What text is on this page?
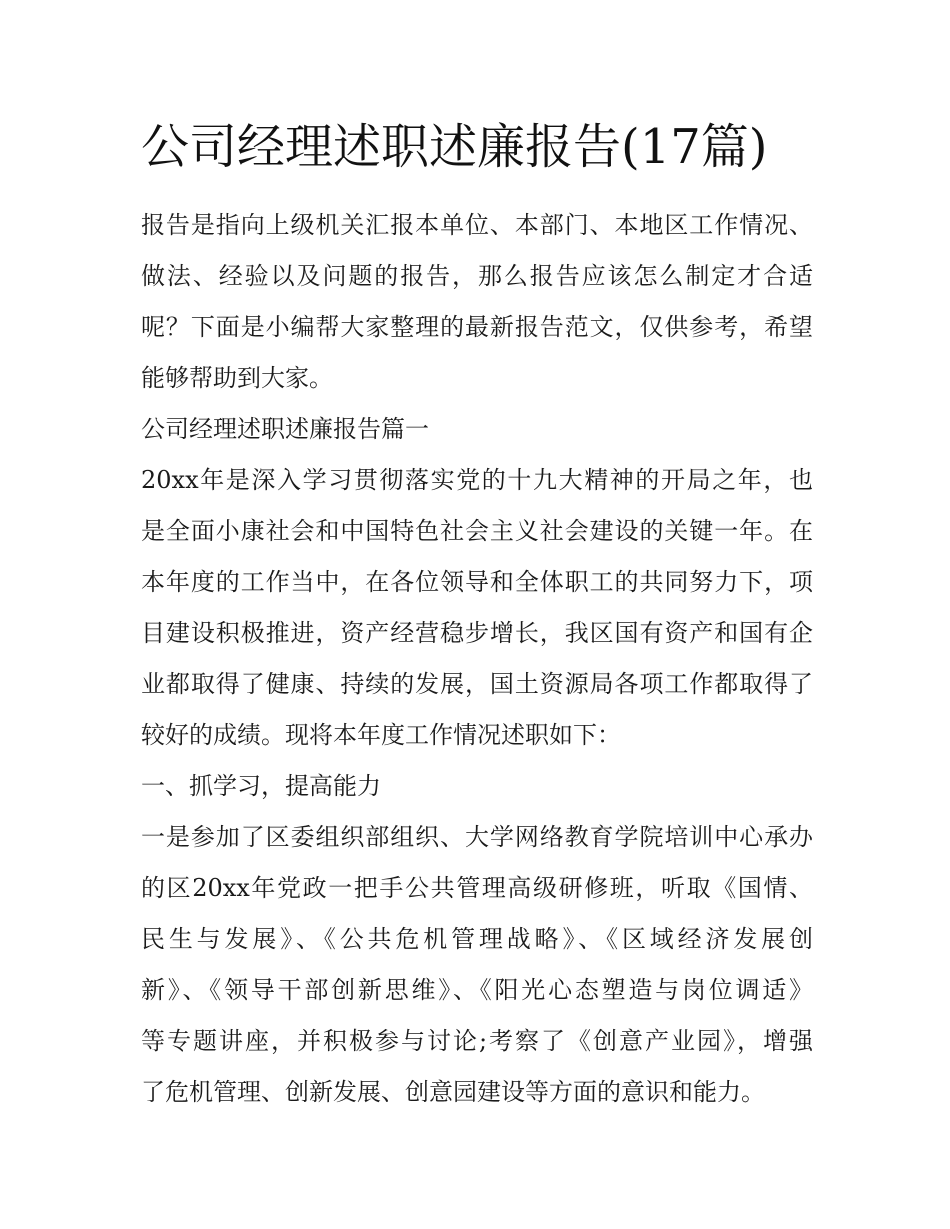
公司经理述职述廉报告(17篇)
报告是指向上级机关汇报本单位、本部门、本地区工作情况、
做法、经验以及问题的报告，那么报告应该怎么制定才合适
呢？下面是小编帮大家整理的最新报告范文，仅供参考，希望
能够帮助到大家。
公司经理述职述廉报告篇一
20xx年是深入学习贯彻落实党的十九大精神的开局之年，也
是全面小康社会和中国特色社会主义社会建设的关键一年。在
本年度的工作当中，在各位领导和全体职工的共同努力下，项
目建设积极推进，资产经营稳步增长，我区国有资产和国有企
业都取得了健康、持续的发展，国土资源局各项工作都取得了
较好的成绩。现将本年度工作情况述职如下：
一、抓学习，提高能力
一是参加了区委组织部组织、大学网络教育学院培训中心承办
的区20xx年党政一把手公共管理高级研修班，听取《国情、
民生与发展》、《公共危机管理战略》、《区域经济发展创
新》、《领导干部创新思维》、《阳光心态塑造与岗位调适》
等专题讲座，并积极参与讨论;考察了《创意产业园》，增强
了危机管理、创新发展、创意园建设等方面的意识和能力。
